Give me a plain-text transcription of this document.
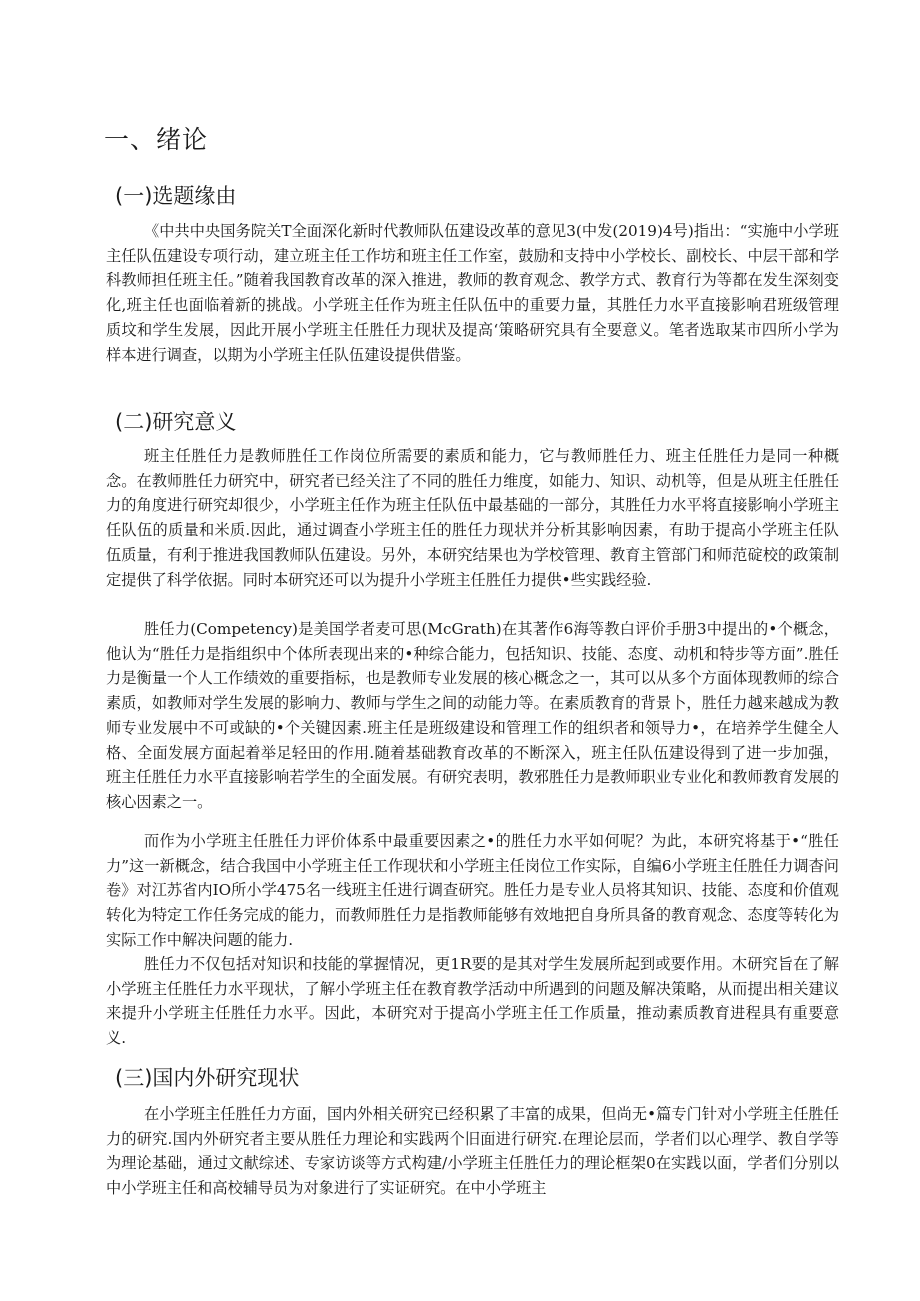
一、绪论
(一)选题缘由

《中共中央国务院关T全面深化新时代教师队伍建设改革的意见3(中发(2019)4号)指出：“实施中小学班主任队伍建设专项行动，建立班主任工作坊和班主任工作室，鼓励和支持中小学校长、副校长、中层干部和学科教师担任班主任。”随着我国教育改革的深入推进，教师的教育观念、教学方式、教育行为等都在发生深刻变化,班主任也面临着新的挑战。小学班主任作为班主任队伍中的重要力量，其胜任力水平直接影响君班级管理质坟和学生发展，因此开展小学班主任胜任力现状及提高‘策略研究具有全要意义。笔者选取某市四所小学为样本进行调查，以期为小学班主任队伍建设提供借鉴。

(二)研究意义

班主任胜任力是教师胜任工作岗位所需要的素质和能力，它与教师胜任力、班主任胜任力是同一种概念。在教师胜任力研究中，研究者已经关注了不同的胜任力维度，如能力、知识、动机等，但是从班主任胜任力的角度进行研究却很少，小学班主任作为班主任队伍中最基础的一部分，其胜任力水平将直接影响小学班主任队伍的质量和米质.因此，通过调查小学班主任的胜任力现状并分析其影响因素，有助于提高小学班主任队伍质量，有利于推进我国教师队伍建设。另外，本研究结果也为学校管理、教育主管部门和师范碇校的政策制定提供了科学依据。同时本研究还可以为提升小学班主任胜任力提供•些实践经验.

胜任力(Competency)是美国学者麦可思(McGrath)在其著作6海等教白评价手册3中提出的•个概念，他认为“胜任力是指组织中个体所表现出来的•种综合能力，包括知识、技能、态度、动机和特步等方面”.胜任力是衡量一个人工作绩效的重要指标，也是教师专业发展的核心概念之一，其可以从多个方面体现教师的综合素质，如教师对学生发展的影响力、教师与学生之间的动能力等。在素质教育的背景卜，胜任力越来越成为教师专业发展中不可或缺的•个关键因素.班主任是班级建设和管理工作的组织者和领导力•，在培养学生健全人格、全面发展方面起着举足轻田的作用.随着基础教育改革的不断深入，班主任队伍建设得到了进一步加强，班主任胜任力水平直接影响若学生的全面发展。有研究表明，教邪胜任力是教师职业专业化和教师教育发展的核心因素之一。

而作为小学班主任胜任力评价体系中最重要因素之•的胜任力水平如何呢？为此，本研究将基于•“胜任力”这一新概念，结合我国中小学班主任工作现状和小学班主任岗位工作实际，自编6小学班主任胜任力调杳问卷》对江苏省内IO所小学475名一线班主任进行调查研究。胜任力是专业人员将其知识、技能、态度和价值观转化为特定工作任务完成的能力，而教师胜任力是指教师能够有效地把自身所具备的教育观念、态度等转化为实际工作中解决问题的能力.

胜任力不仅包括对知识和技能的掌握情况，更1R要的是其对学生发展所起到或要作用。木研究旨在了解小学班主任胜任力水平现状，了解小学班主任在教育教学活动中所遇到的问题及解决策略，从而提出相关建议来提升小学班主任胜任力水平。因此，本研究对于提高小学班主任工作质量，推动素质教育进程具有重要意义.

(三)国内外研究现状

在小学班主任胜任力方面，国内外相关研究已经积累了丰富的成果，但尚无•篇专门针对小学班主任胜任力的研究.国内外研究者主要从胜任力理论和实践两个旧面进行研究.在理论层而，学者们以心理学、教自学等为理论基础，通过文献综述、专家访谈等方式构建/小学班主任胜任力的理论框架0在实践以面，学者们分别以中小学班主任和高校辅导员为对象进行了实证研究。在中小学班主
